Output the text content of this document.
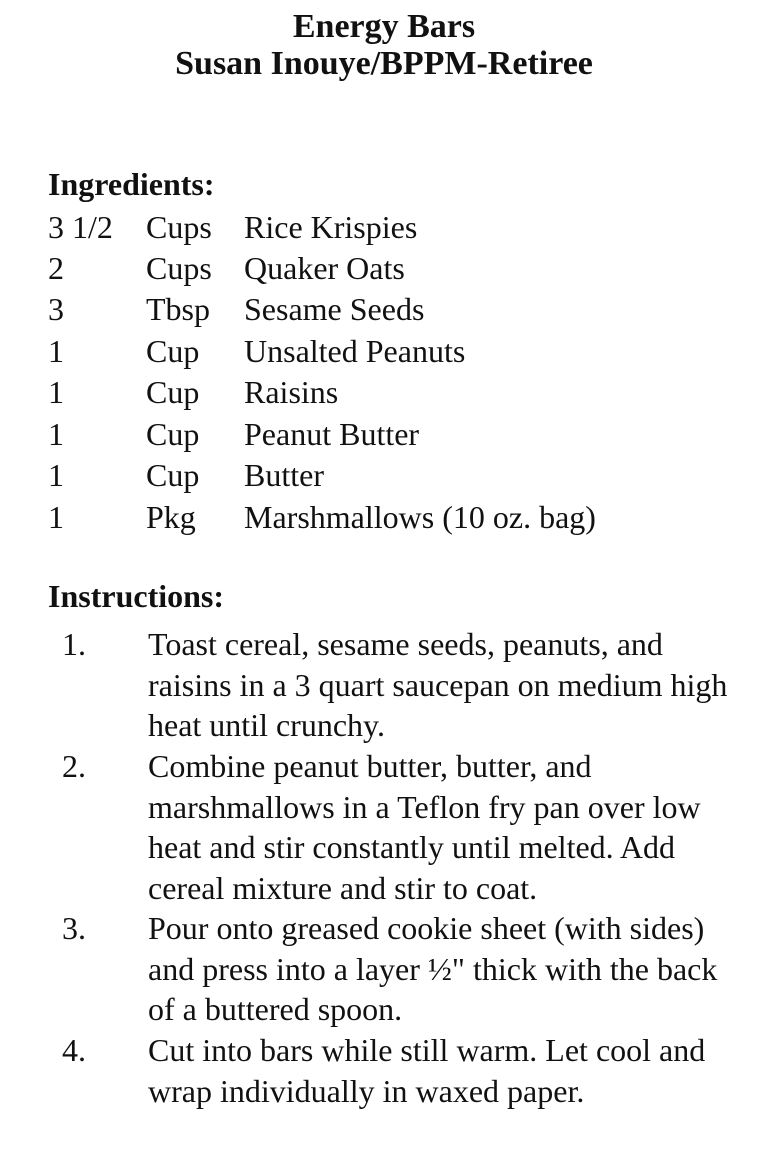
Energy Bars
Susan Inouye/BPPM-Retiree
Ingredients:
3 1/2 Cups Rice Krispies
2	Cups Quaker Oats
3	Tbsp Sesame Seeds
1	Cup Unsalted Peanuts
1	Cup Raisins
1	Cup Peanut Butter
1	Cup Butter
1	Pkg Marshmallows (10 oz. bag)
Instructions:
1. Toast cereal, sesame seeds, peanuts, and raisins in a 3 quart saucepan on medium high heat until crunchy.
2. Combine peanut butter, butter, and marshmallows in a Teflon fry pan over low heat and stir constantly until melted. Add cereal mixture and stir to coat.
3. Pour onto greased cookie sheet (with sides) and press into a layer ½" thick with the back of a buttered spoon.
4. Cut into bars while still warm. Let cool and wrap individually in waxed paper.
